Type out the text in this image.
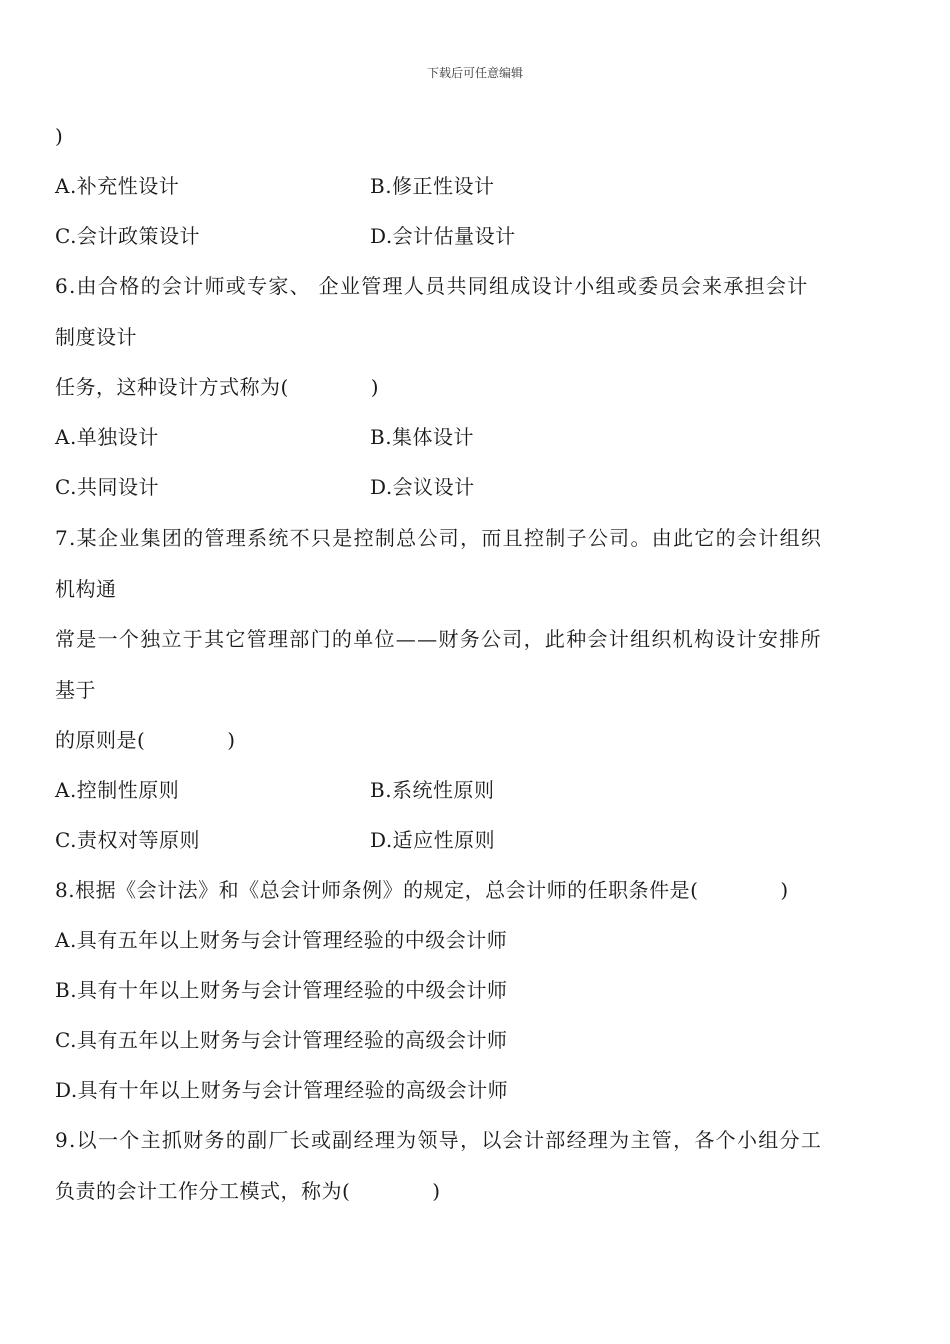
下载后可任意编辑
)
A.补充性设计	B.修正性设计
C.会计政策设计	D.会计估量设计
6.由合格的会计师或专家、 企业管理人员共同组成设计小组或委员会来承担会计
制度设计
任务，这种设计方式称为(　　　　)
A.单独设计	B.集体设计
C.共同设计	D.会议设计
7.某企业集团的管理系统不只是控制总公司，而且控制子公司。由此它的会计组织
机构通
常是一个独立于其它管理部门的单位——财务公司，此种会计组织机构设计安排所
基于
的原则是(　　　　)
A.控制性原则	B.系统性原则
C.责权对等原则	D.适应性原则
8.根据《会计法》和《总会计师条例》的规定，总会计师的任职条件是(　　　　)
A.具有五年以上财务与会计管理经验的中级会计师
B.具有十年以上财务与会计管理经验的中级会计师
C.具有五年以上财务与会计管理经验的高级会计师
D.具有十年以上财务与会计管理经验的高级会计师
9.以一个主抓财务的副厂长或副经理为领导，以会计部经理为主管，各个小组分工
负责的会计工作分工模式，称为(　　　　)
